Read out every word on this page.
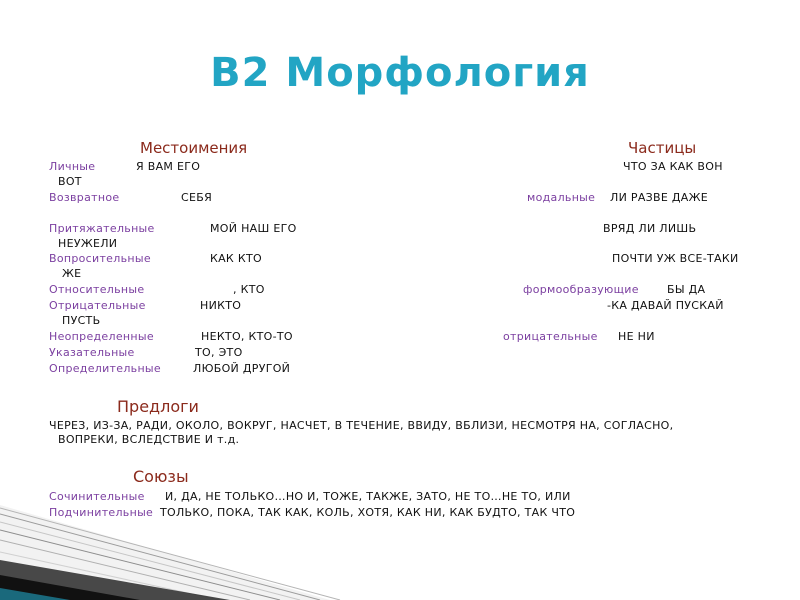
В2 Морфология
Местоимения
Личные	Я ВАМ ЕГО
Возвратное	СЕБЯ
Притяжательные	МОЙ НАШ ЕГО
Вопросительные	КАК КТО
Относительные	, КТО
Отрицательные	НИКТО
Неопределенные	НЕКТО, КТО-ТО
Указательные	ТО, ЭТО
Определительные	ЛЮБОЙ ДРУГОЙ
Частицы
ЧТО ЗА КАК ВОН
ВОТ
модальные ЛИ РАЗВЕ ДАЖЕ
ВРЯД ЛИ ЛИШЬ
НЕУЖЕЛИ
ПОЧТИ УЖ ВСЕ-ТАКИ
ЖЕ
формообразующие	БЫ ДА
-КА ДАВАЙ ПУСКАЙ
ПУСТЬ
отрицательные НЕ НИ
Предлоги
ЧЕРЕЗ, ИЗ-ЗА, РАДИ, ОКОЛО, ВОКРУГ, НАСЧЕТ, В ТЕЧЕНИЕ, ВВИДУ, ВБЛИЗИ, НЕСМОТРЯ НА, СОГЛАСНО,
ВОПРЕКИ, ВСЛЕДСТВИЕ И т.д.
Союзы
Сочинительные И, ДА, НЕ ТОЛЬКО…НО И, ТОЖЕ, ТАКЖЕ, ЗАТО, НЕ ТО…НЕ ТО, ИЛИ
Подчинительные ТОЛЬКО, ПОКА, ТАК КАК, КОЛЬ, ХОТЯ, КАК НИ, КАК БУДТО, ТАК ЧТО
